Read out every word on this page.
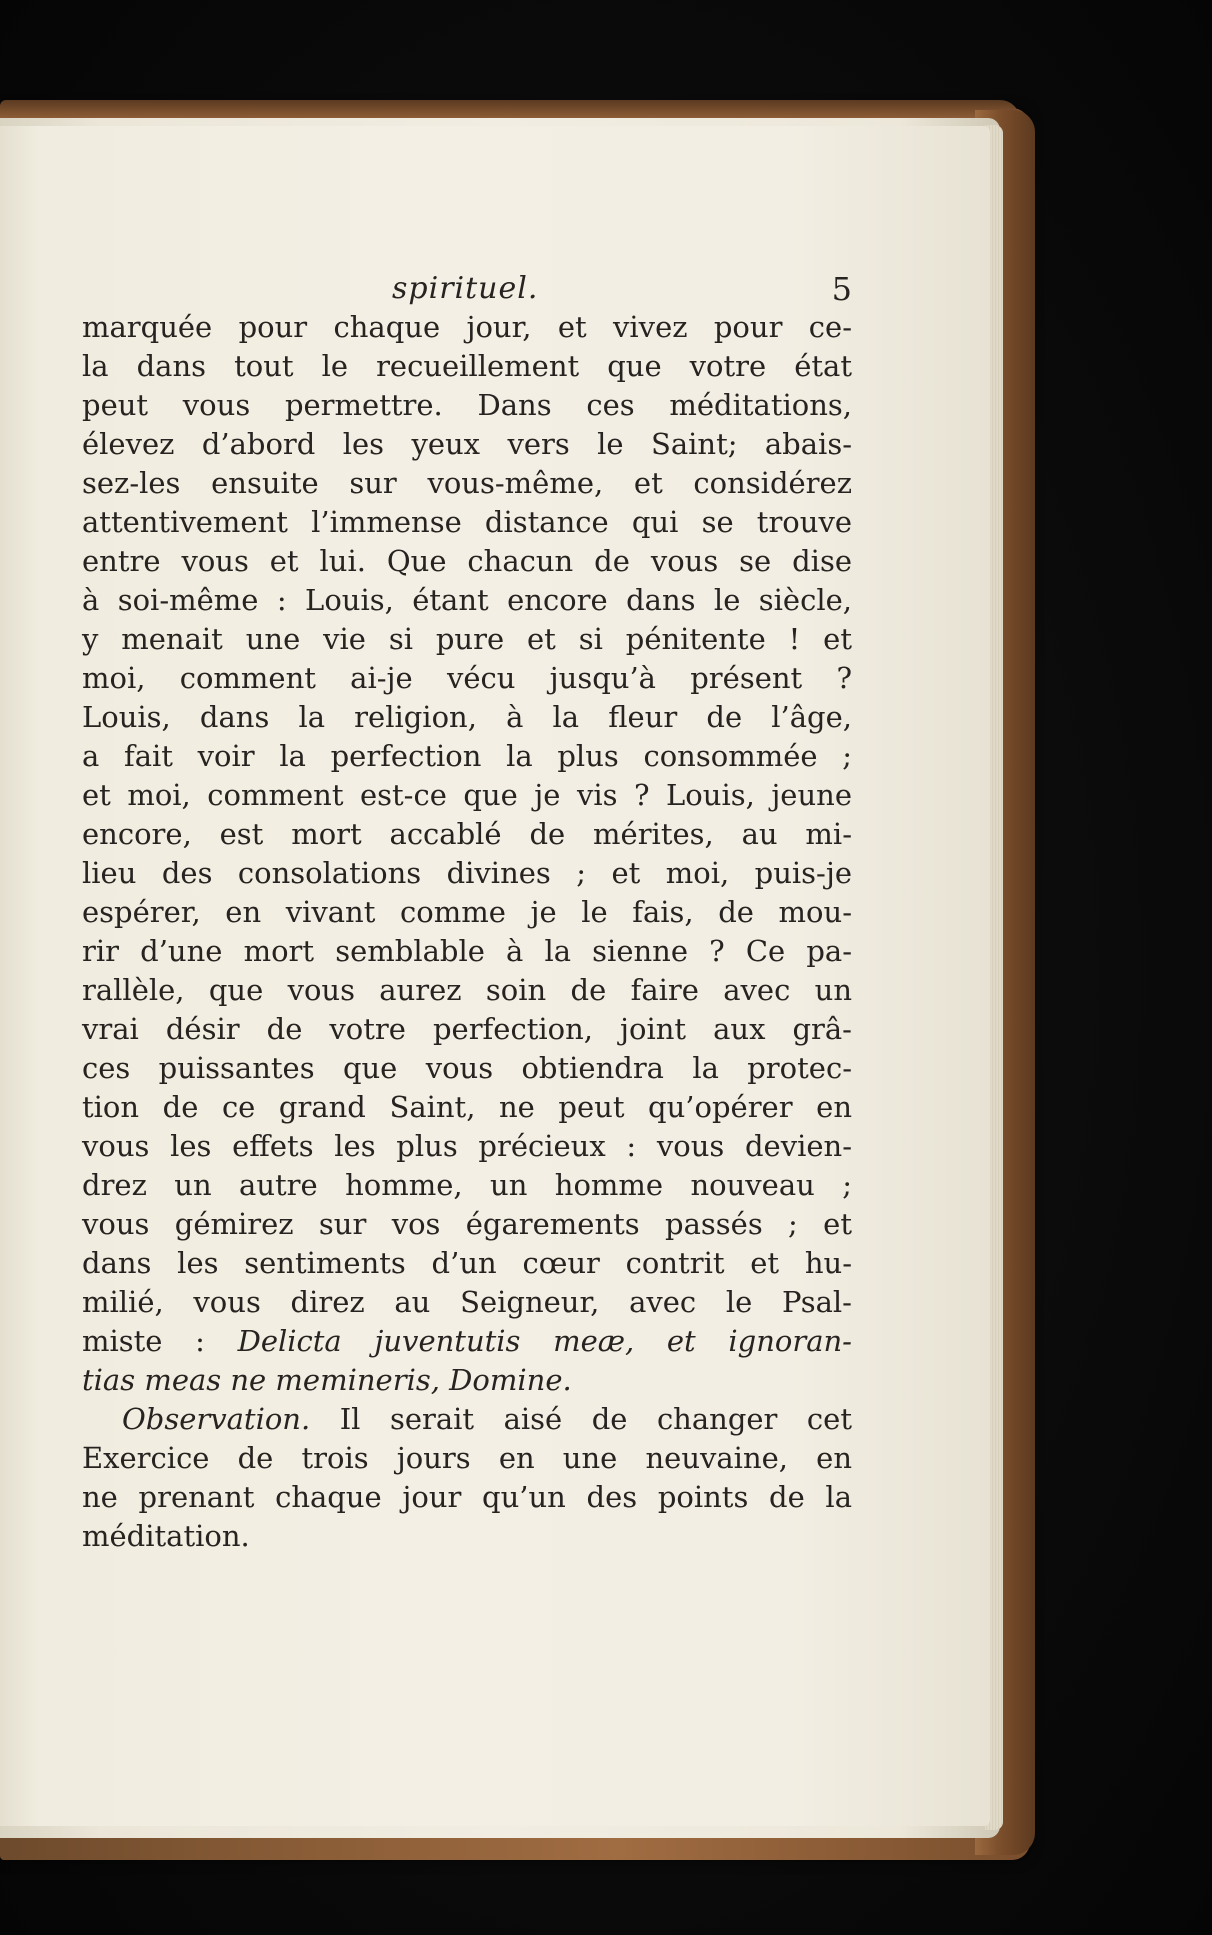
spirituel.	5
marquée pour chaque jour, et vivez pour ce-
la dans tout le recueillement que votre état
peut vous permettre. Dans ces méditations,
élevez d’abord les yeux vers le Saint; abais-
sez-les ensuite sur vous-même, et considérez
attentivement l’immense distance qui se trouve
entre vous et lui. Que chacun de vous se dise
à soi-même : Louis, étant encore dans le siècle,
y menait une vie si pure et si pénitente ! et
moi, comment ai-je vécu jusqu’à présent ?
Louis, dans la religion, à la fleur de l’âge,
a fait voir la perfection la plus consommée ;
et moi, comment est-ce que je vis ? Louis, jeune
encore, est mort accablé de mérites, au mi-
lieu des consolations divines ; et moi, puis-je
espérer, en vivant comme je le fais, de mou-
rir d’une mort semblable à la sienne ? Ce pa-
rallèle, que vous aurez soin de faire avec un
vrai désir de votre perfection, joint aux grâ-
ces puissantes que vous obtiendra la protec-
tion de ce grand Saint, ne peut qu’opérer en
vous les effets les plus précieux : vous devien-
drez un autre homme, un homme nouveau ;
vous gémirez sur vos égarements passés ; et
dans les sentiments d’un cœur contrit et hu-
milié, vous direz au Seigneur, avec le Psal-
miste : Delicta juventutis meæ, et ignoran-
tias meas ne memineris, Domine.
Observation. Il serait aisé de changer cet
Exercice de trois jours en une neuvaine, en
ne prenant chaque jour qu’un des points de la
méditation.
